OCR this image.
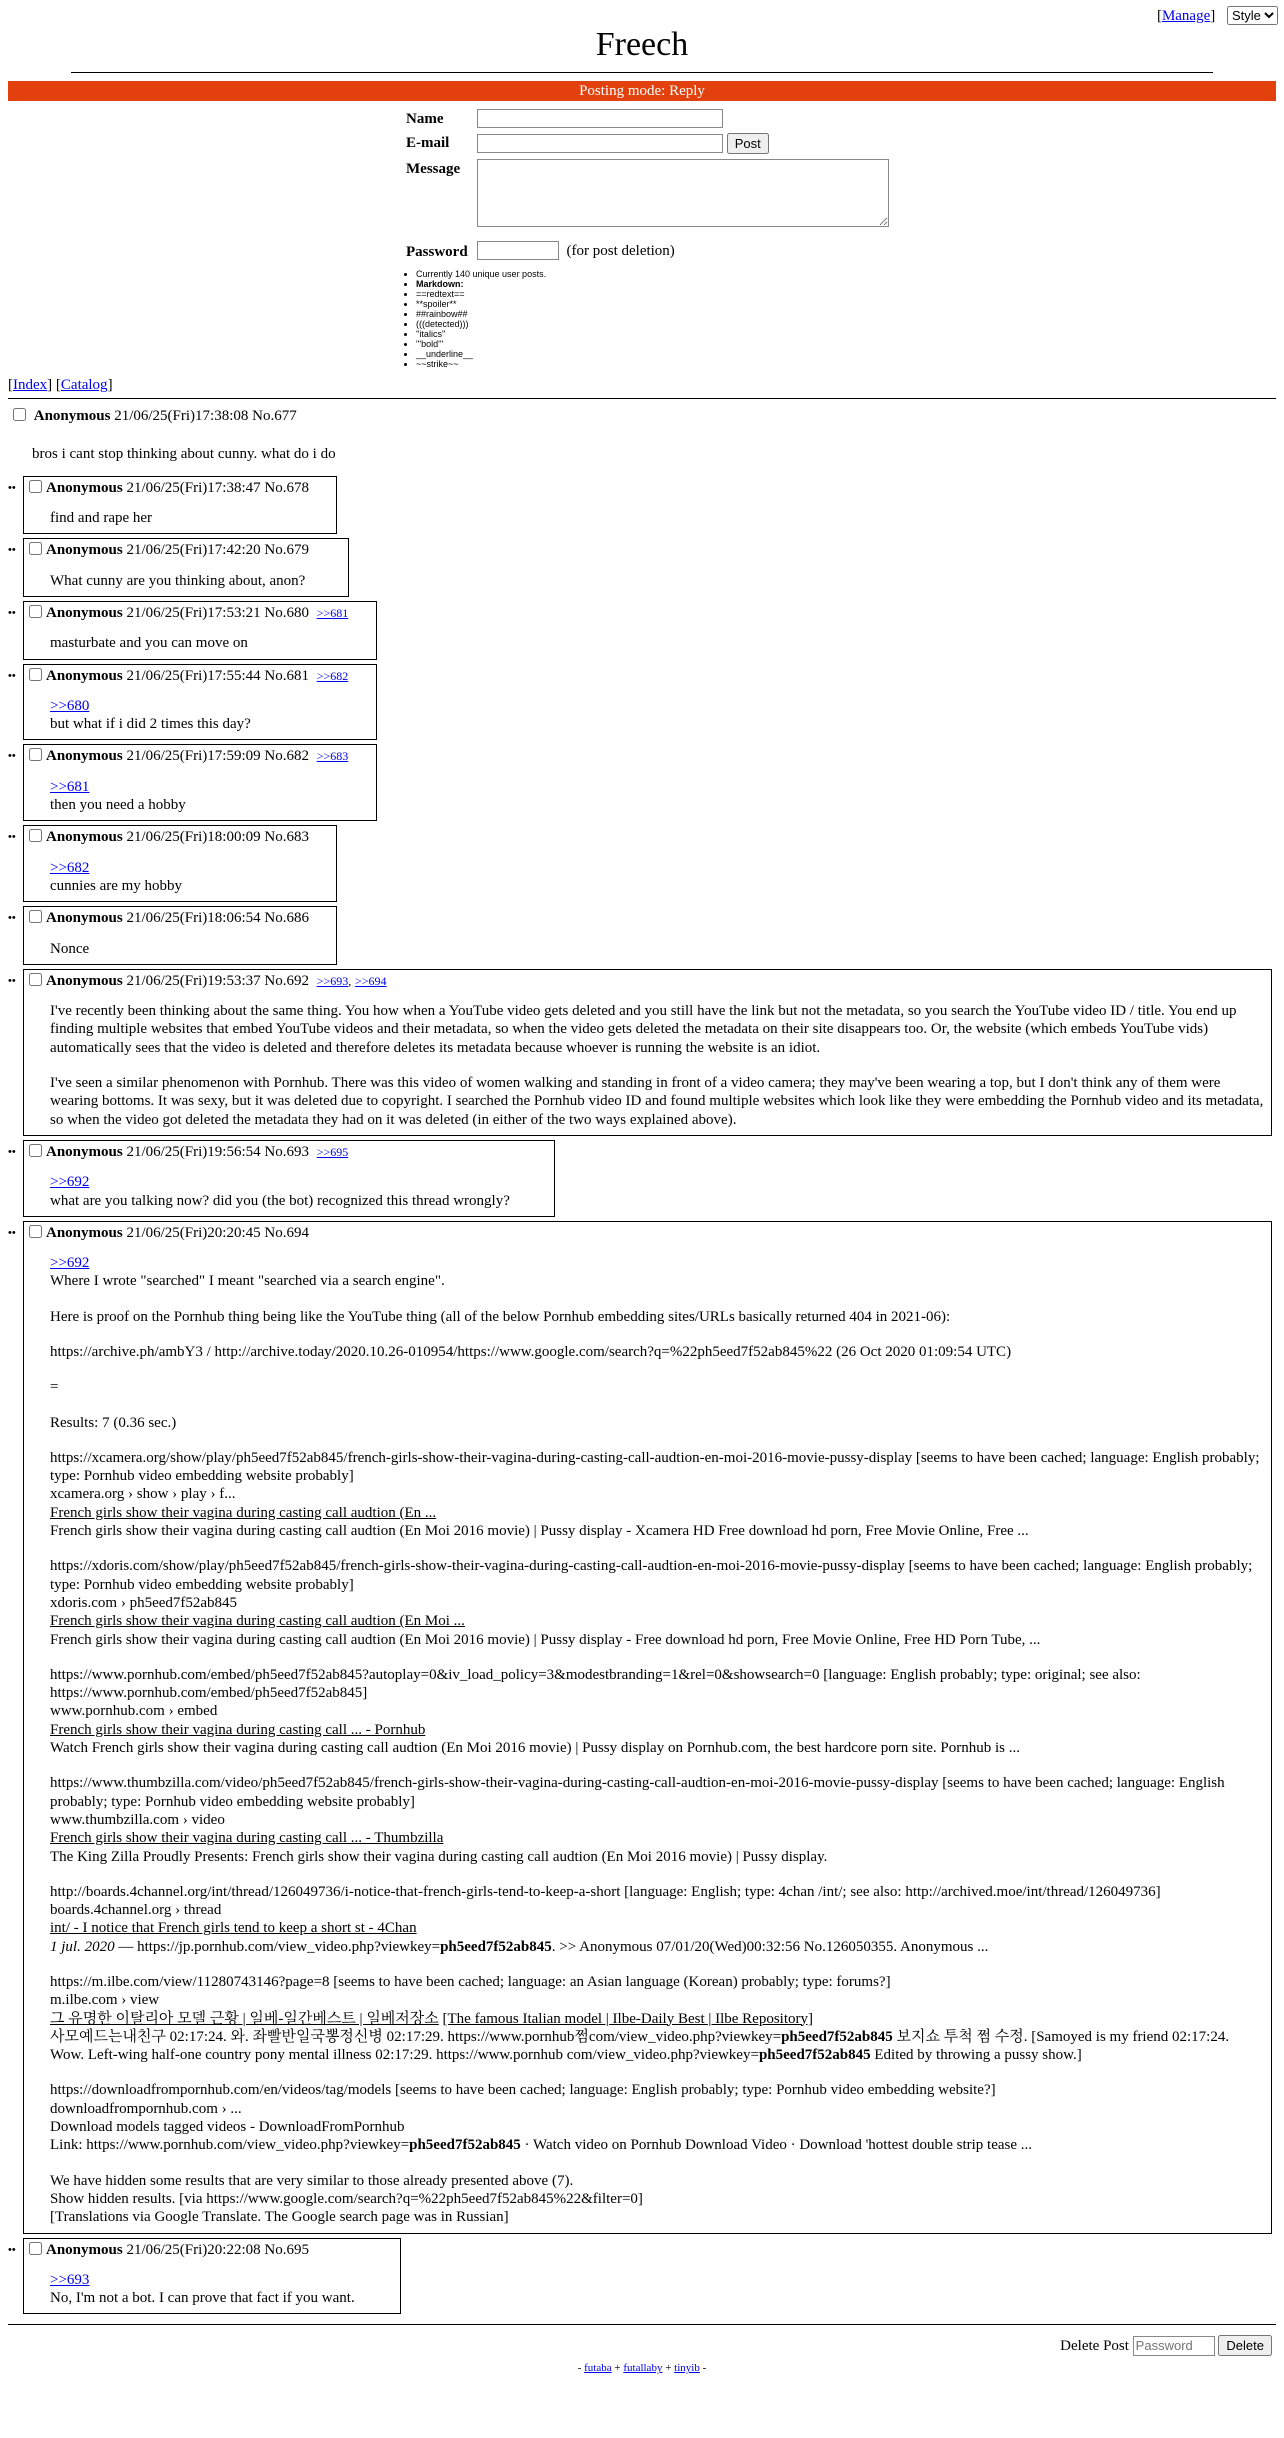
[Manage]
Style
Freech
Posting mode: Reply
Name	
E-mail	Post
Message	
Password	(for post deletion)
• Currently 140 unique user posts.
• Markdown:
• ==redtext==
• **spoiler**
• ##rainbow##
• (((detected)))
• ''italics''
• '''bold'''
• __underline__
• ~~strike~~
[Index] [Catalog]
Anonymous 21/06/25(Fri)17:38:08 No.677
bros i cant stop thinking about cunny. what do i do
••	Anonymous 21/06/25(Fri)17:38:47 No.678
find and rape her
••	Anonymous 21/06/25(Fri)17:42:20 No.679
What cunny are you thinking about, anon?
••	Anonymous 21/06/25(Fri)17:53:21 No.680 >>681
masturbate and you can move on
••	Anonymous 21/06/25(Fri)17:55:44 No.681 >>682
>>680
but what if i did 2 times this day?
••	Anonymous 21/06/25(Fri)17:59:09 No.682 >>683
>>681
then you need a hobby
••	Anonymous 21/06/25(Fri)18:00:09 No.683
>>682
cunnies are my hobby
••	Anonymous 21/06/25(Fri)18:06:54 No.686
Nonce
••	Anonymous 21/06/25(Fri)19:53:37 No.692 >>693, >>694

I've recently been thinking about the same thing. You how when a YouTube video gets deleted and you still have the link but not the metadata, so you search the YouTube video ID / title. You end up finding multiple websites that embed YouTube videos and their metadata, so when the video gets deleted the metadata on their site disappears too. Or, the website (which embeds YouTube vids) automatically sees that the video is deleted and therefore deletes its metadata because whoever is running the website is an idiot.

I've seen a similar phenomenon with Pornhub. There was this video of women walking and standing in front of a video camera; they may've been wearing a top, but I don't think any of them were wearing bottoms. It was sexy, but it was deleted due to copyright. I searched the Pornhub video ID and found multiple websites which look like they were embedding the Pornhub video and its metadata, so when the video got deleted the metadata they had on it was deleted (in either of the two ways explained above).

••	Anonymous 21/06/25(Fri)19:56:54 No.693 >>695
>>692
what are you talking now? did you (the bot) recognized this thread wrongly?
••	Anonymous 21/06/25(Fri)20:20:45 No.694

>>692
Where I wrote "searched" I meant "searched via a search engine".

Here is proof on the Pornhub thing being like the YouTube thing (all of the below Pornhub embedding sites/URLs basically returned 404 in 2021-06):

https://archive.ph/ambY3 / http://archive.today/2020.10.26-010954/https://www.google.com/search?q=%22ph5eed7f52ab845%22 (26 Oct 2020 01:09:54 UTC)

=

Results: 7 (0.36 sec.)

https://xcamera.org/show/play/ph5eed7f52ab845/french-girls-show-their-vagina-during-casting-call-audtion-en-moi-2016-movie-pussy-display [seems to have been cached; language: English probably; type: Pornhub video embedding website probably]
xcamera.org › show › play › f...
French girls show their vagina during casting call audtion (En ...
French girls show their vagina during casting call audtion (En Moi 2016 movie) | Pussy display - Xcamera HD Free download hd porn, Free Movie Online, Free ...

https://xdoris.com/show/play/ph5eed7f52ab845/french-girls-show-their-vagina-during-casting-call-audtion-en-moi-2016-movie-pussy-display [seems to have been cached; language: English probably; type: Pornhub video embedding website probably]
xdoris.com › ph5eed7f52ab845
French girls show their vagina during casting call audtion (En Moi ...
French girls show their vagina during casting call audtion (En Moi 2016 movie) | Pussy display - Free download hd porn, Free Movie Online, Free HD Porn Tube, ...

https://www.pornhub.com/embed/ph5eed7f52ab845?autoplay=0&iv_load_policy=3&modestbranding=1&rel=0&showsearch=0 [language: English probably; type: original; see also: https://www.pornhub.com/embed/ph5eed7f52ab845]
www.pornhub.com › embed
French girls show their vagina during casting call ... - Pornhub
Watch French girls show their vagina during casting call audtion (En Moi 2016 movie) | Pussy display on Pornhub.com, the best hardcore porn site. Pornhub is ...

https://www.thumbzilla.com/video/ph5eed7f52ab845/french-girls-show-their-vagina-during-casting-call-audtion-en-moi-2016-movie-pussy-display [seems to have been cached; language: English probably; type: Pornhub video embedding website probably]
www.thumbzilla.com › video
French girls show their vagina during casting call ... - Thumbzilla
The King Zilla Proudly Presents: French girls show their vagina during casting call audtion (En Moi 2016 movie) | Pussy display.

http://boards.4channel.org/int/thread/126049736/i-notice-that-french-girls-tend-to-keep-a-short [language: English; type: 4chan /int/; see also: http://archived.moe/int/thread/126049736]
boards.4channel.org › thread
int/ - I notice that French girls tend to keep a short st - 4Chan
1 jul. 2020 — https://jp.pornhub.com/view_video.php?viewkey=ph5eed7f52ab845. >> Anonymous 07/01/20(Wed)00:32:56 No.126050355. Anonymous ...

https://m.ilbe.com/view/11280743146?page=8 [seems to have been cached; language: an Asian language (Korean) probably; type: forums?]
m.ilbe.com › view
그 유명한 이탈리아 모델 근황 | 일베-일간베스트 | 일베저장소 [The famous Italian model | Ilbe-Daily Best | Ilbe Repository]
사모예드는내친구 02:17:24. 와. 좌빨반일국뽕정신병 02:17:29. https://www.pornhub쩜com/view_video.php?viewkey=ph5eed7f52ab845 보지쇼 투척 쩜 수정. [Samoyed is my friend 02:17:24. Wow. Left-wing half-one country pony mental illness 02:17:29. https://www.pornhub com/view_video.php?viewkey=ph5eed7f52ab845 Edited by throwing a pussy show.]

https://downloadfrompornhub.com/en/videos/tag/models [seems to have been cached; language: English probably; type: Pornhub video embedding website?]
downloadfrompornhub.com › ...
Download models tagged videos - DownloadFromPornhub
Link: https://www.pornhub.com/view_video.php?viewkey=ph5eed7f52ab845 · Watch video on Pornhub Download Video · Download 'hottest double strip tease ...

We have hidden some results that are very similar to those already presented above (7).
Show hidden results. [via https://www.google.com/search?q=%22ph5eed7f52ab845%22&filter=0]
[Translations via Google Translate. The Google search page was in Russian]

••	Anonymous 21/06/25(Fri)20:22:08 No.695
>>693
No, I'm not a bot. I can prove that fact if you want.
Delete Post	Delete
- futaba + futallaby + tinyib -
